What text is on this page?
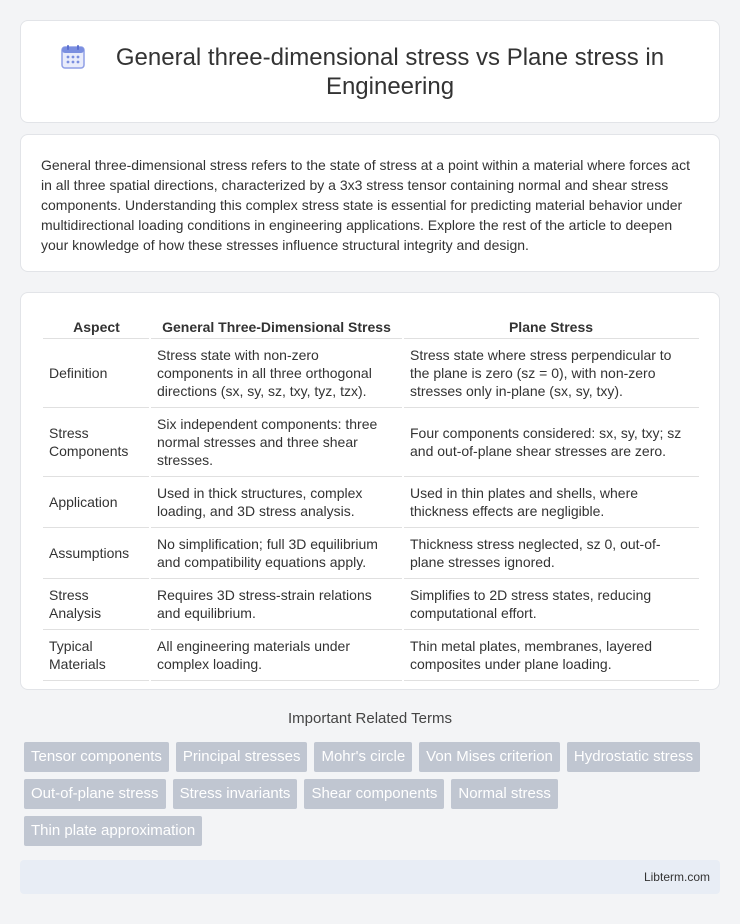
General three-dimensional stress vs Plane stress in Engineering

General three-dimensional stress refers to the state of stress at a point within a material where forces act in all three spatial directions, characterized by a 3x3 stress tensor containing normal and shear stress components. Understanding this complex stress state is essential for predicting material behavior under multidirectional loading conditions in engineering applications. Explore the rest of the article to deepen your knowledge of how these stresses influence structural integrity and design.

Aspect	General Three-Dimensional Stress	Plane Stress
Definition	Stress state with non-zero components in all three orthogonal directions (sx, sy, sz, txy, tyz, tzx).	Stress state where stress perpendicular to the plane is zero (sz = 0), with non-zero stresses only in-plane (sx, sy, txy).
Stress Components	Six independent components: three normal stresses and three shear stresses.	Four components considered: sx, sy, txy; sz and out-of-plane shear stresses are zero.
Application	Used in thick structures, complex loading, and 3D stress analysis.	Used in thin plates and shells, where thickness effects are negligible.
Assumptions	No simplification; full 3D equilibrium and compatibility equations apply.	Thickness stress neglected, sz 0, out-of-plane stresses ignored.
Stress Analysis	Requires 3D stress-strain relations and equilibrium.	Simplifies to 2D stress states, reducing computational effort.
Typical Materials	All engineering materials under complex loading.	Thin metal plates, membranes, layered composites under plane loading.
Important Related Terms
Tensor components	Principal stresses	Mohr's circle	Von Mises criterion	Hydrostatic stress
Out-of-plane stress	Stress invariants	Shear components	Normal stress
Thin plate approximation
Libterm.com
